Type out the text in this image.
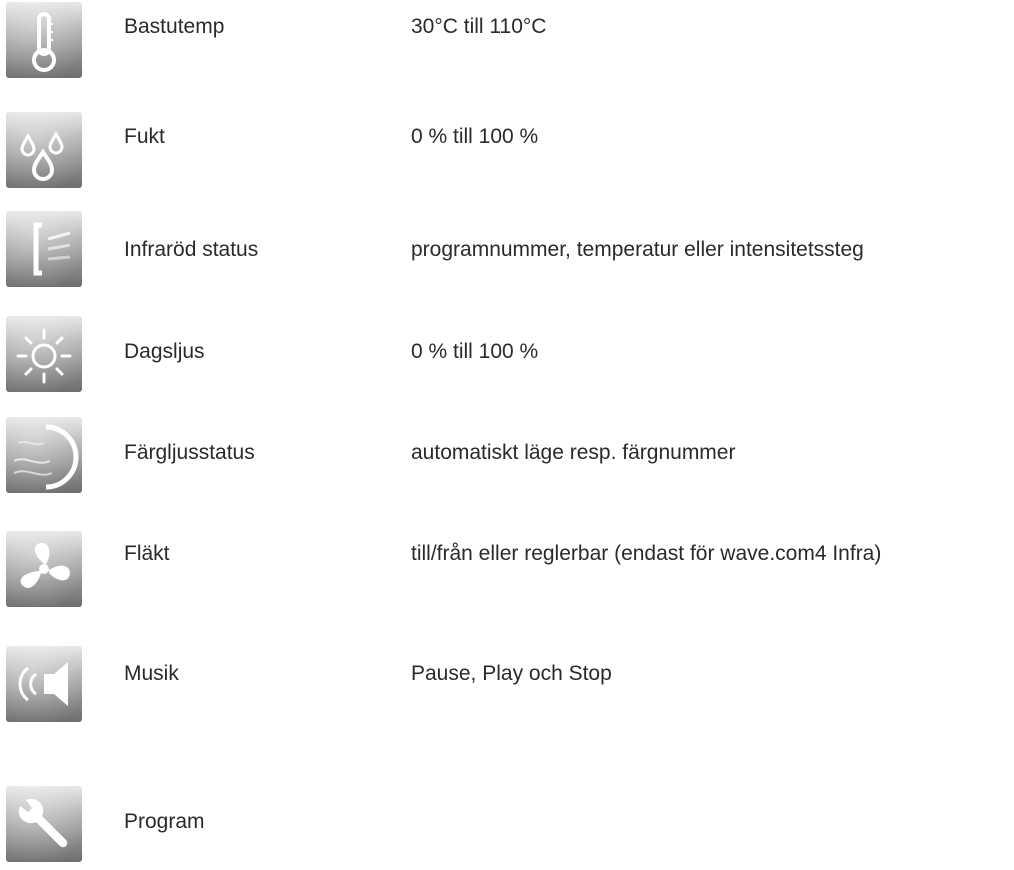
Bastutemp	30°C till 110°C
Fukt	0 % till 100 %
Infraröd status	programnummer, temperatur eller intensitetssteg
Dagsljus	0 % till 100 %
Färgljusstatus	automatiskt läge resp. färgnummer
Fläkt	till/från eller reglerbar (endast för wave.com4 Infra)
Musik	Pause, Play och Stop
Program
